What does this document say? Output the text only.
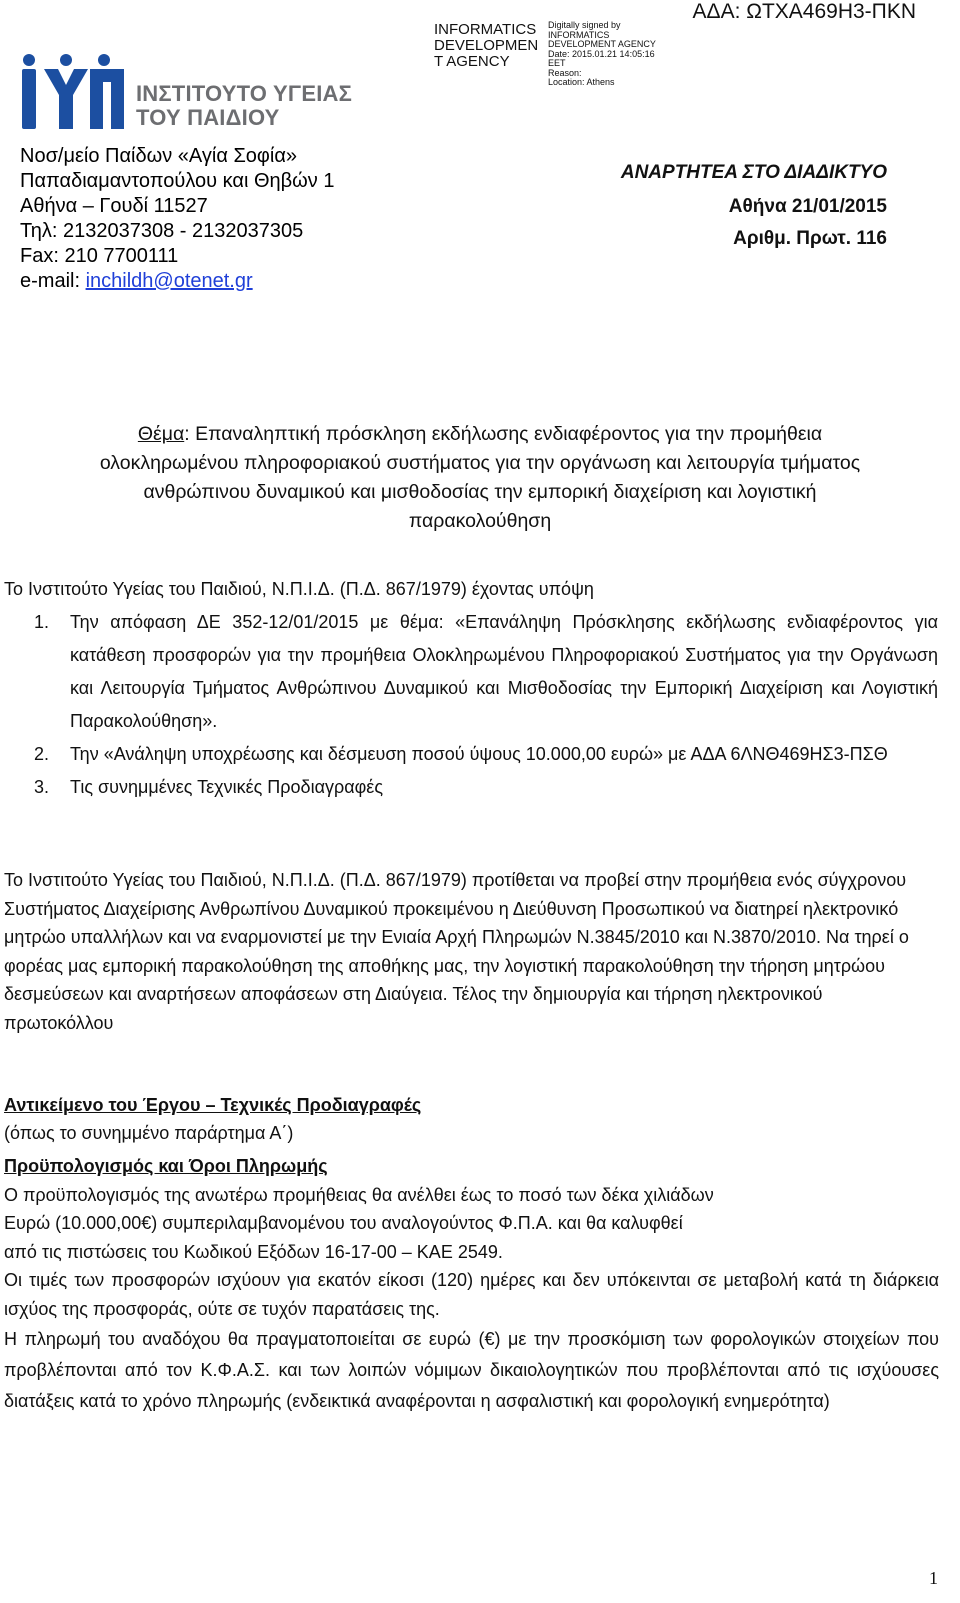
ΙΝΣΤΙΤΟΥΤΟ ΥΓΕΙΑΣ
ΤΟΥ ΠΑΙΔΙΟΥ
Νοσ/μείο Παίδων «Αγία Σοφία»
Παπαδιαμαντοπούλου και Θηβών 1
Αθήνα – Γουδί 11527
Τηλ: 2132037308 - 2132037305
Fax: 210 7700111
e-mail: inchildh@otenet.gr
INFORMATICS
DEVELOPMEN
T AGENCY
Digitally signed by
INFORMATICS
DEVELOPMENT AGENCY
Date: 2015.01.21 14:05:16
EET
Reason:
Location: Athens
ΑΔΑ: ΩΤΧΑ469Η3-ΠΚΝ
ΑΝΑΡΤΗΤΕΑ ΣΤΟ ΔΙΑΔΙΚΤΥΟ
Αθήνα 21/01/2015
Αριθμ. Πρωτ. 116
Θέμα: Επαναληπτική πρόσκληση εκδήλωσης ενδιαφέροντος για την προμήθεια
ολοκληρωμένου πληροφοριακού συστήματος για την οργάνωση και λειτουργία τμήματος
ανθρώπινου δυναμικού και μισθοδοσίας την εμπορική διαχείριση και λογιστική
παρακολούθηση
Το Ινστιτούτο Υγείας του Παιδιού, Ν.Π.Ι.Δ. (Π.Δ. 867/1979) έχοντας υπόψη
1. Την απόφαση ΔΕ 352-12/01/2015 με θέμα: «Επανάληψη Πρόσκλησης εκδήλωσης ενδιαφέροντος για κατάθεση προσφορών για την προμήθεια Ολοκληρωμένου Πληροφοριακού Συστήματος για την Οργάνωση και Λειτουργία Τμήματος Ανθρώπινου Δυναμικού και Μισθοδοσίας την Εμπορική Διαχείριση και Λογιστική Παρακολούθηση».
2. Την «Ανάληψη υποχρέωσης και δέσμευση ποσού ύψους 10.000,00 ευρώ» με ΑΔΑ 6ΛΝΘ469ΗΣ3-ΠΣΘ
3. Τις συνημμένες Τεχνικές Προδιαγραφές
Το Ινστιτούτο Υγείας του Παιδιού, Ν.Π.Ι.Δ. (Π.Δ. 867/1979) προτίθεται να προβεί στην προμήθεια ενός σύγχρονου Συστήματος Διαχείρισης Ανθρωπίνου Δυναμικού προκειμένου η Διεύθυνση Προσωπικού να διατηρεί ηλεκτρονικό μητρώο υπαλλήλων και να εναρμονιστεί με την Ενιαία Αρχή Πληρωμών Ν.3845/2010 και Ν.3870/2010. Να τηρεί ο φορέας μας εμπορική παρακολούθηση της αποθήκης μας, την λογιστική παρακολούθηση την τήρηση μητρώου δεσμεύσεων και αναρτήσεων αποφάσεων στη Διαύγεια. Τέλος την δημιουργία και τήρηση ηλεκτρονικού πρωτοκόλλου
Αντικείμενο του Έργου – Τεχνικές Προδιαγραφές
(όπως το συνημμένο παράρτημα Α΄)
Προϋπολογισμός και Όροι Πληρωμής
Ο προϋπολογισμός της ανωτέρω προμήθειας θα ανέλθει έως το ποσό των δέκα χιλιάδων
Ευρώ (10.000,00€) συμπεριλαμβανομένου του αναλογούντος Φ.Π.Α. και θα καλυφθεί
από τις πιστώσεις του Κωδικού Εξόδων 16-17-00 – ΚΑΕ 2549.
Οι τιμές των προσφορών ισχύουν για εκατόν είκοσι (120) ημέρες και δεν υπόκεινται σε μεταβολή κατά τη διάρκεια ισχύος της προσφοράς, ούτε σε τυχόν παρατάσεις της.
Η πληρωμή του αναδόχου θα πραγματοποιείται σε ευρώ (€) με την προσκόμιση των φορολογικών στοιχείων που προβλέπονται από τον Κ.Φ.Α.Σ. και των λοιπών νόμιμων δικαιολογητικών που προβλέπονται από τις ισχύουσες διατάξεις κατά το χρόνο πληρωμής (ενδεικτικά αναφέρονται η ασφαλιστική και φορολογική ενημερότητα)
1
